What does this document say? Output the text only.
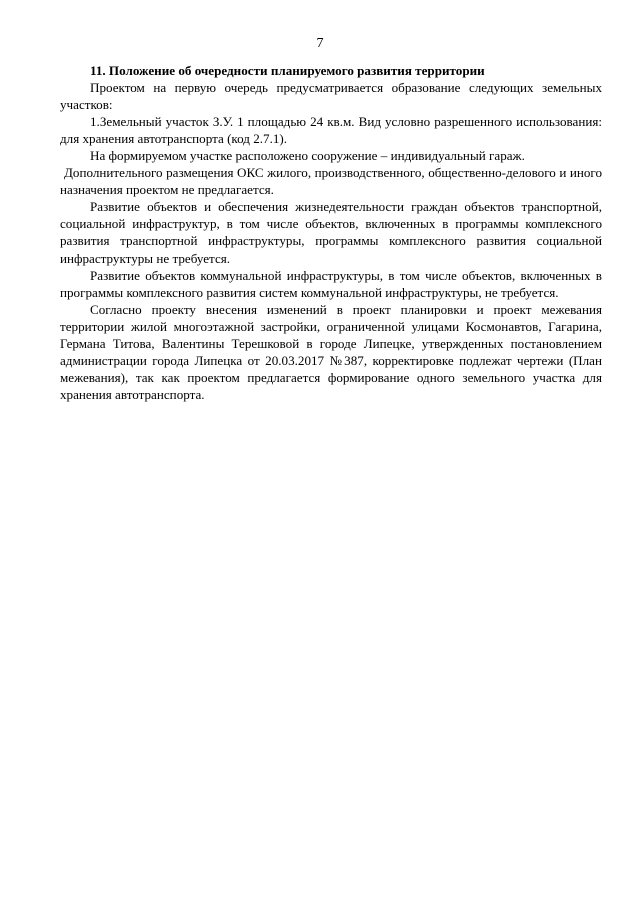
7

11. Положение об очередности планируемого развития территории

Проектом на первую очередь предусматривается образование следующих земельных участков:

1.Земельный участок З.У. 1 площадью 24 кв.м. Вид условно разрешенного использования: для хранения автотранспорта (код 2.7.1).

На формируемом участке расположено сооружение – индивидуальный гараж.

Дополнительного размещения ОКС жилого, производственного, общественно-делового и иного назначения проектом не предлагается.

Развитие объектов и обеспечения жизнедеятельности граждан объектов транспортной, социальной инфраструктур, в том числе объектов, включенных в программы комплексного развития транспортной инфраструктуры, программы комплексного развития социальной инфраструктуры не требуется.

Развитие объектов коммунальной инфраструктуры, в том числе объектов, включенных в программы комплексного развития систем коммунальной инфраструктуры, не требуется.

Согласно проекту внесения изменений в проект планировки и проект межевания территории жилой многоэтажной застройки, ограниченной улицами Космонавтов, Гагарина, Германа Титова, Валентины Терешковой в городе Липецке, утвержденных постановлением администрации города Липецка от 20.03.2017 №387, корректировке подлежат чертежи (План межевания), так как проектом предлагается формирование одного земельного участка для хранения автотранспорта.
